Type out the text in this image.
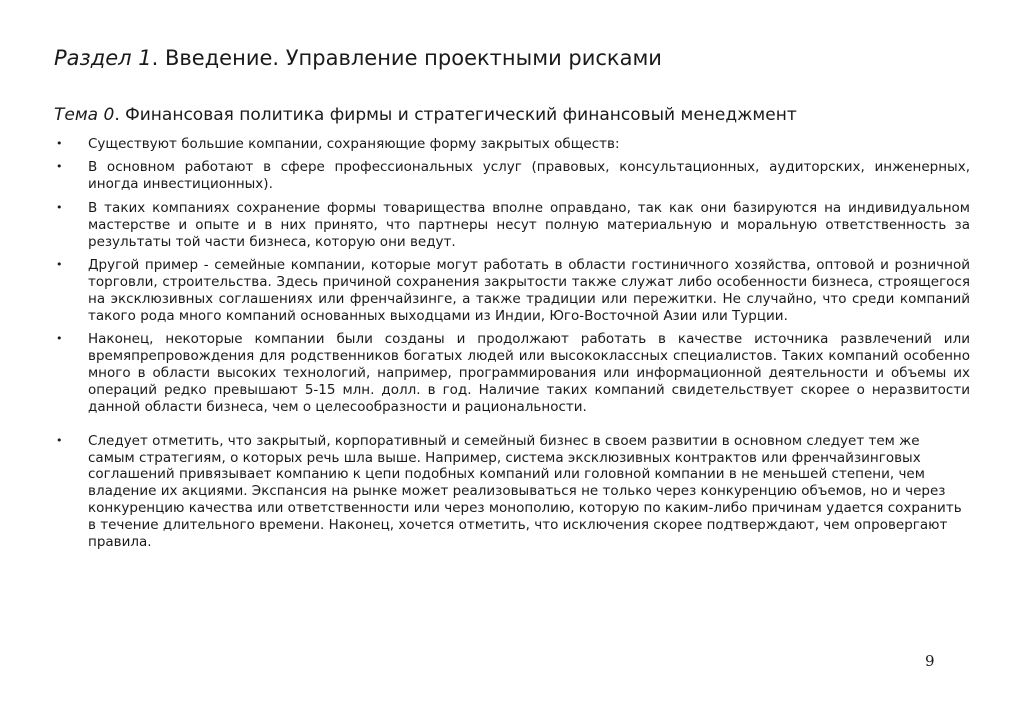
Раздел 1. Введение. Управление проектными рисками
Тема 0. Финансовая политика фирмы и стратегический финансовый менеджмент
• Существуют большие компании, сохраняющие форму закрытых обществ:
• В основном работают в сфере профессиональных услуг (правовых, консультационных, аудиторских, инженерных, иногда инвестиционных).
• В таких компаниях сохранение формы товарищества вполне оправдано, так как они базируются на индивидуальном мастерстве и опыте и в них принято, что партнеры несут полную материальную и моральную ответственность за результаты той части бизнеса, которую они ведут.
• Другой пример - семейные компании, которые могут работать в области гостиничного хозяйства, оптовой и розничной торговли, строительства. Здесь причиной сохранения закрытости также служат либо особенности бизнеса, строящегося на эксклюзивных соглашениях или френчайзинге, а также традиции или пережитки. Не случайно, что среди компаний такого рода много компаний основанных выходцами из Индии, Юго-Восточной Азии или Турции.
• Наконец, некоторые компании были созданы и продолжают работать в качестве источника развлечений или времяпрепровождения для родственников богатых людей или высококлассных специалистов. Таких компаний особенно много в области высоких технологий, например, программирования или информационной деятельности и объемы их операций редко превышают 5-15 млн. долл. в год. Наличие таких компаний свидетельствует скорее о неразвитости данной области бизнеса, чем о целесообразности и рациональности.
• Следует отметить, что закрытый, корпоративный и семейный бизнес в своем развитии в основном следует тем же самым стратегиям, о которых речь шла выше. Например, система эксклюзивных контрактов или френчайзинговых соглашений привязывает компанию к цепи подобных компаний или головной компании в не меньшей степени, чем владение их акциями. Экспансия на рынке может реализовываться не только через конкуренцию объемов, но и через конкуренцию качества или ответственности или через монополию, которую по каким-либо причинам удается сохранить в течение длительного времени. Наконец, хочется отметить, что исключения скорее подтверждают, чем опровергают правила.
9
